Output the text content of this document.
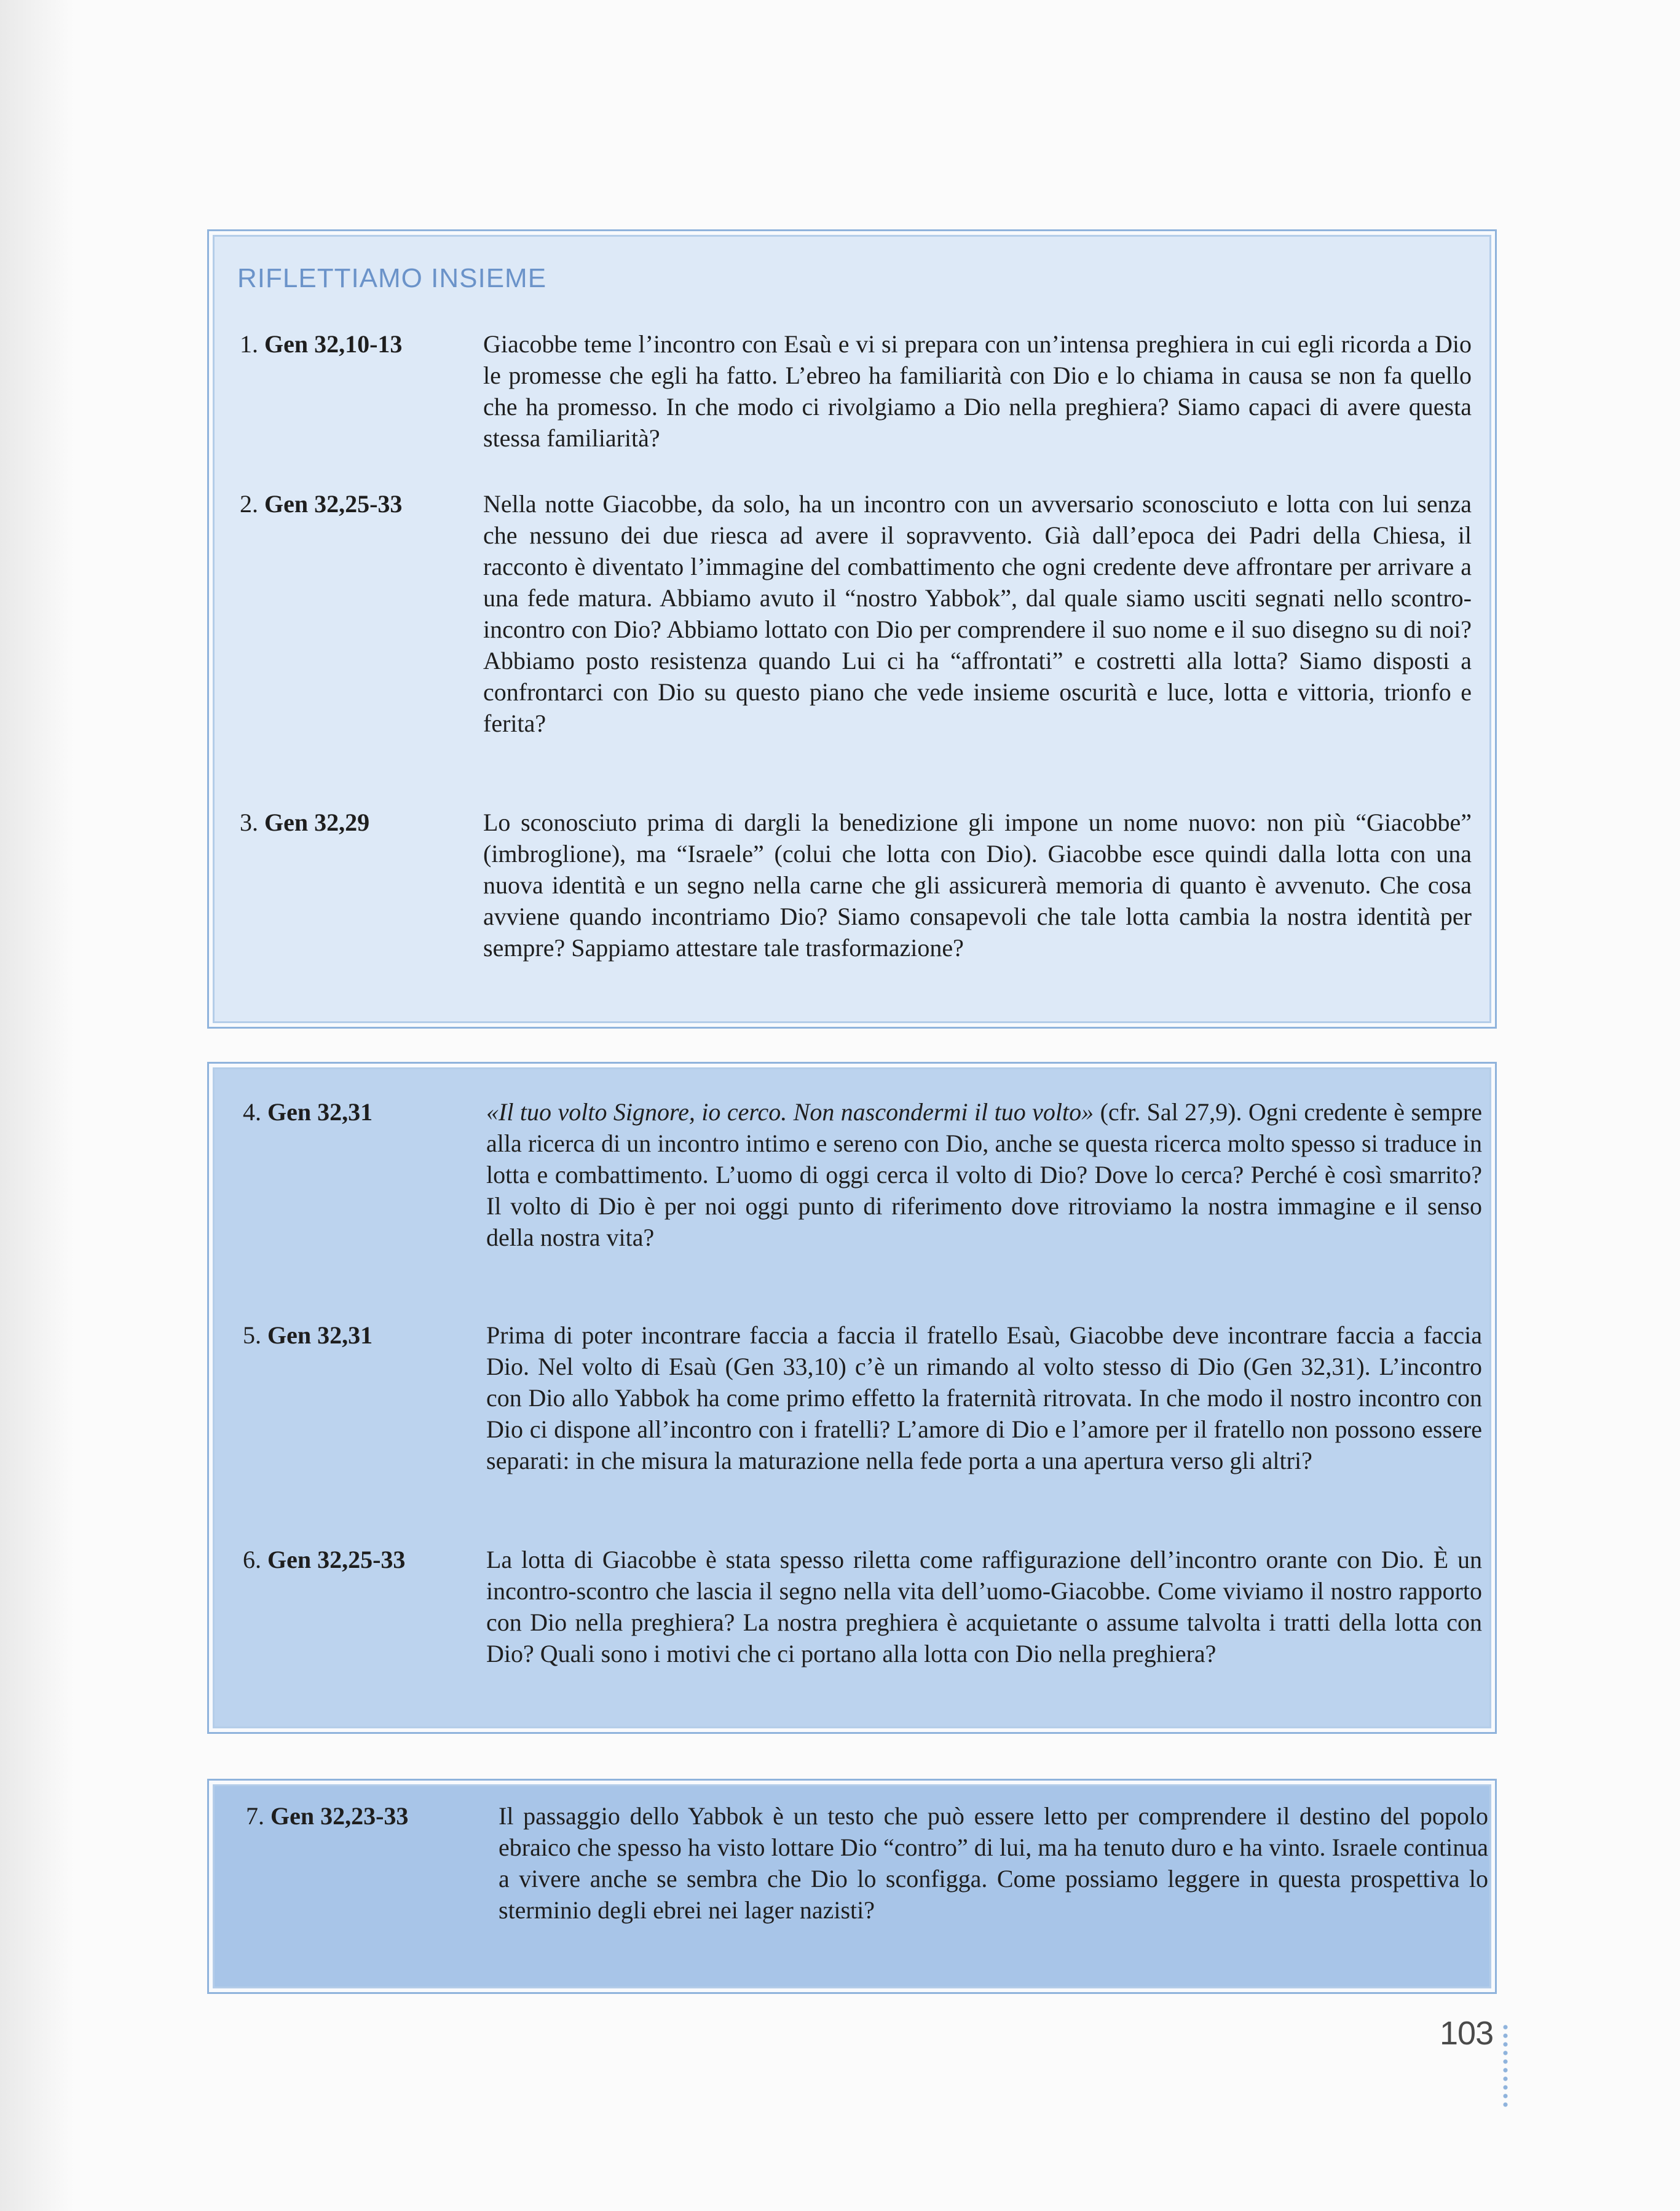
RIFLETTIAMO INSIEME
1. Gen 32,10-13	Giacobbe teme l’incontro con Esaù e vi si prepara con un’intensa preghiera in cui egli ricorda a Dio le promesse che egli ha fatto. L’ebreo ha familiarità con Dio e lo chiama in causa se non fa quello che ha promesso. In che modo ci rivolgiamo a Dio nella preghiera? Siamo capaci di avere questa stessa familiarità?
2. Gen 32,25-33	Nella notte Giacobbe, da solo, ha un incontro con un avversario sconosciuto e lotta con lui senza che nessuno dei due riesca ad avere il sopravvento. Già dall’epoca dei Padri della Chiesa, il racconto è diventato l’immagine del combattimento che ogni credente deve affrontare per arrivare a una fede matura. Abbiamo avuto il “nostro Yabbok”, dal quale siamo usciti segnati nello scontro-incontro con Dio? Abbiamo lottato con Dio per comprendere il suo nome e il suo disegno su di noi? Abbiamo posto resistenza quando Lui ci ha “affrontati” e costretti alla lotta? Siamo disposti a confrontarci con Dio su questo piano che vede insieme oscurità e luce, lotta e vittoria, trionfo e ferita?
3. Gen 32,29	Lo sconosciuto prima di dargli la benedizione gli impone un nome nuovo: non più “Giacobbe” (imbroglione), ma “Israele” (colui che lotta con Dio). Giacobbe esce quindi dalla lotta con una nuova identità e un segno nella carne che gli assicurerà memoria di quanto è avvenuto. Che cosa avviene quando incontriamo Dio? Siamo consapevoli che tale lotta cambia la nostra identità per sempre? Sappiamo attestare tale trasformazione?
4. Gen 32,31	«Il tuo volto Signore, io cerco. Non nascondermi il tuo volto» (cfr. Sal 27,9). Ogni credente è sempre alla ricerca di un incontro intimo e sereno con Dio, anche se questa ricerca molto spesso si traduce in lotta e combattimento. L’uomo di oggi cerca il volto di Dio? Dove lo cerca? Perché è così smarrito? Il volto di Dio è per noi oggi punto di riferimento dove ritroviamo la nostra immagine e il senso della nostra vita?
5. Gen 32,31	Prima di poter incontrare faccia a faccia il fratello Esaù, Giacobbe deve incontrare faccia a faccia Dio. Nel volto di Esaù (Gen 33,10) c’è un rimando al volto stesso di Dio (Gen 32,31). L’incontro con Dio allo Yabbok ha come primo effetto la fraternità ritrovata. In che modo il nostro incontro con Dio ci dispone all’incontro con i fratelli? L’amore di Dio e l’amore per il fratello non possono essere separati: in che misura la maturazione nella fede porta a una apertura verso gli altri?
6. Gen 32,25-33	La lotta di Giacobbe è stata spesso riletta come raffigurazione dell’incontro orante con Dio. È un incontro-scontro che lascia il segno nella vita dell’uomo-Giacobbe. Come viviamo il nostro rapporto con Dio nella preghiera? La nostra preghiera è acquietante o assume talvolta i tratti della lotta con Dio? Quali sono i motivi che ci portano alla lotta con Dio nella preghiera?
7. Gen 32,23-33	Il passaggio dello Yabbok è un testo che può essere letto per comprendere il destino del popolo ebraico che spesso ha visto lottare Dio “contro” di lui, ma ha tenuto duro e ha vinto. Israele continua a vivere anche se sembra che Dio lo sconfigga. Come possiamo leggere in questa prospettiva lo sterminio degli ebrei nei lager nazisti?
103
